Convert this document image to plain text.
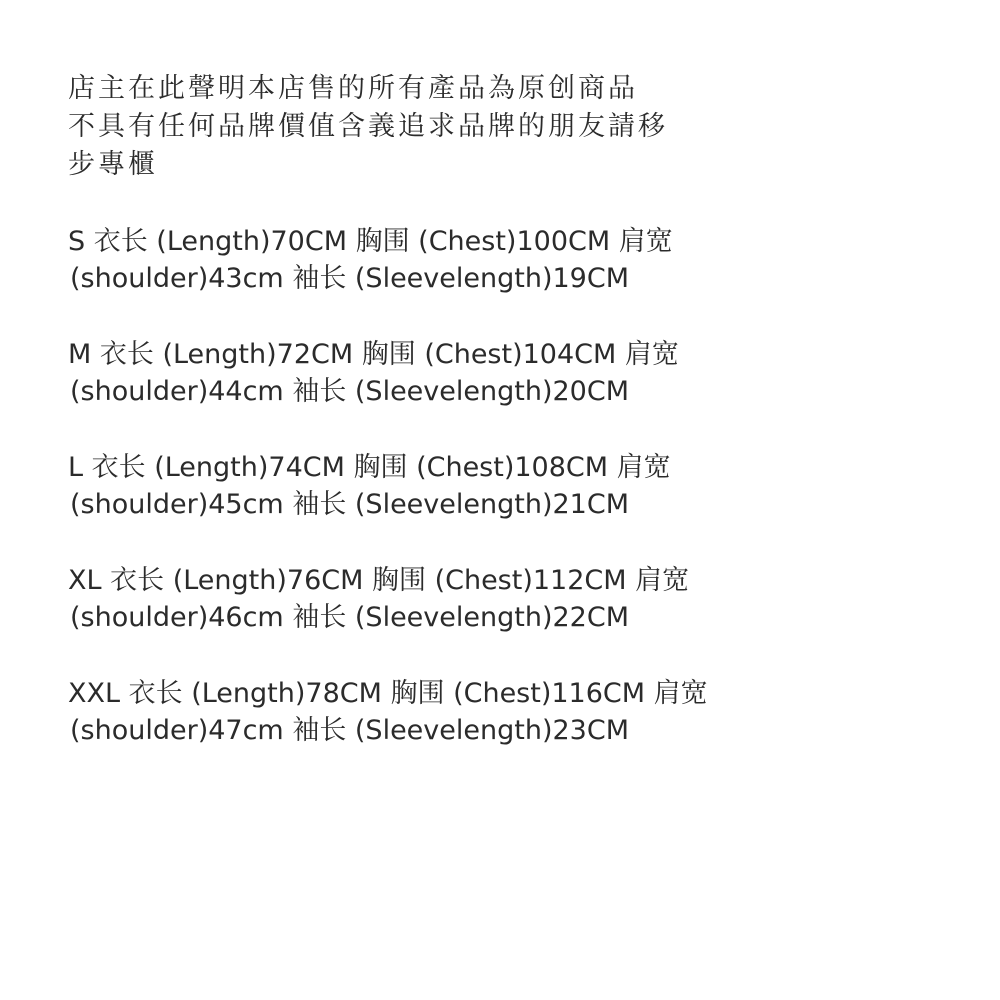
店主在此聲明本店售的所有產品為原创商品
不具有任何品牌價值含義追求品牌的朋友請移
步專櫃
S 衣长 (Length)70CM 胸围 (Chest)100CM 肩宽
(shoulder)43cm 袖长 (Sleevelength)19CM
M 衣长 (Length)72CM 胸围 (Chest)104CM 肩宽
(shoulder)44cm 袖长 (Sleevelength)20CM
L 衣长 (Length)74CM 胸围 (Chest)108CM 肩宽
(shoulder)45cm 袖长 (Sleevelength)21CM
XL 衣长 (Length)76CM 胸围 (Chest)112CM 肩宽
(shoulder)46cm 袖长 (Sleevelength)22CM
XXL 衣长 (Length)78CM 胸围 (Chest)116CM 肩宽
(shoulder)47cm 袖长 (Sleevelength)23CM
